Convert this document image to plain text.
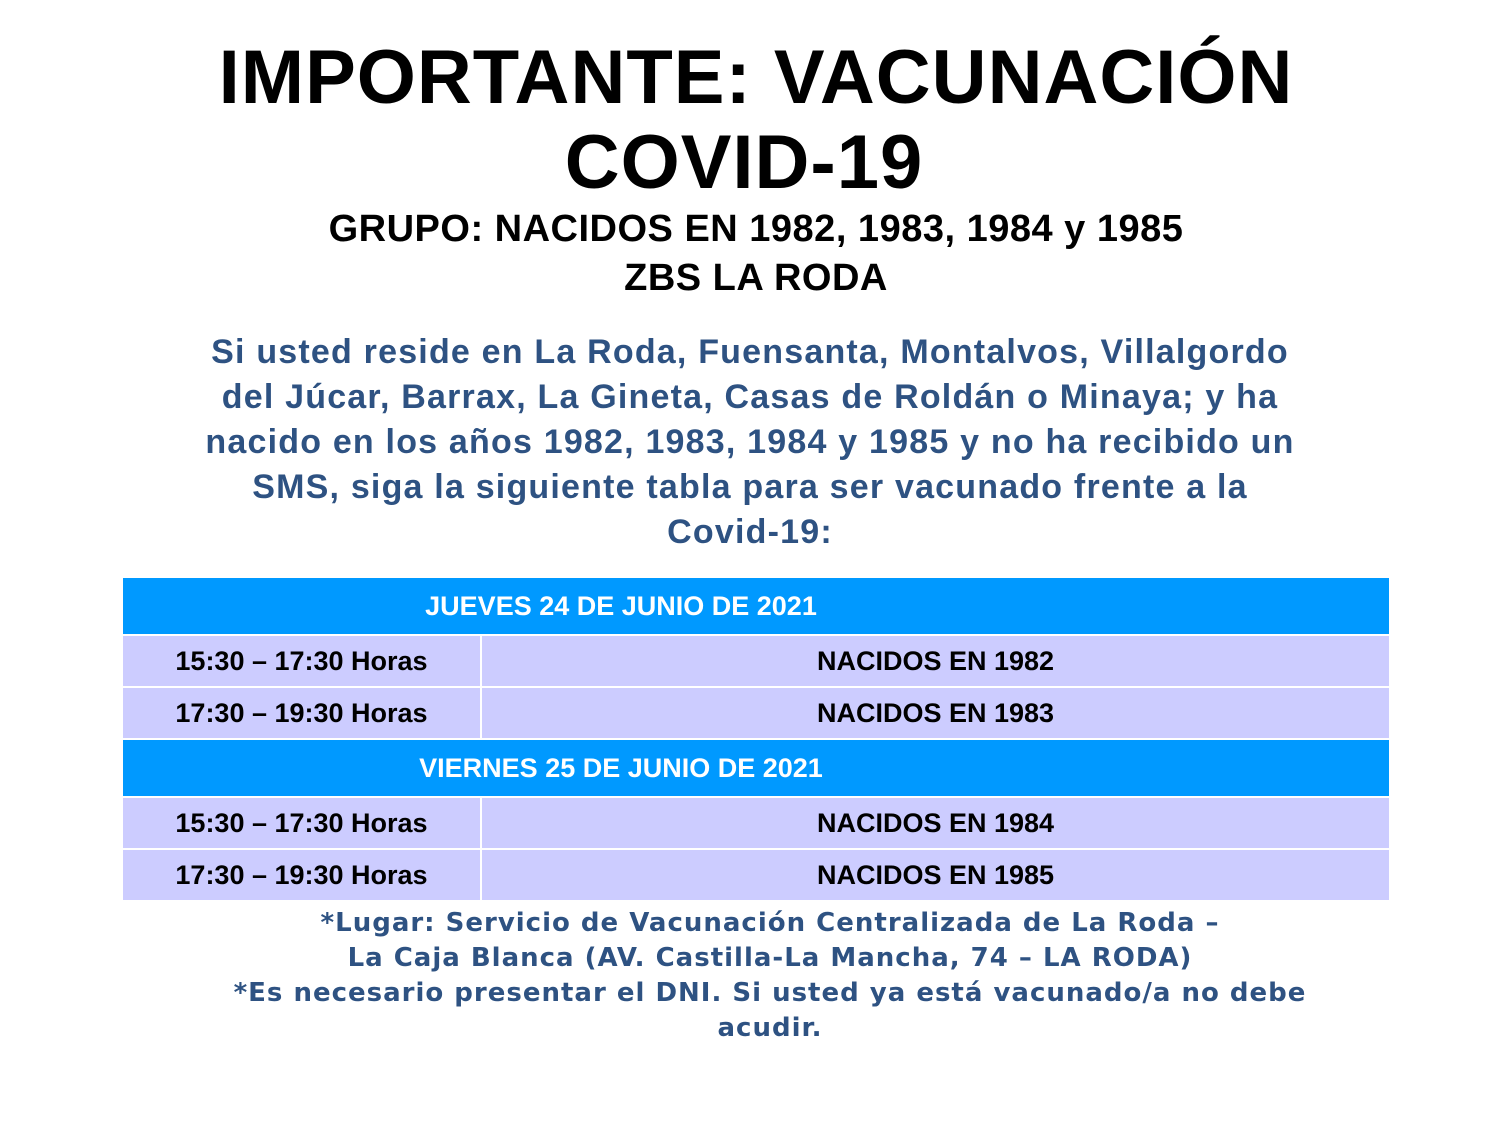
IMPORTANTE: VACUNACIÓN
COVID-19
GRUPO: NACIDOS EN 1982, 1983, 1984 y 1985
ZBS LA RODA
Si usted reside en La Roda, Fuensanta, Montalvos, Villalgordo
del Júcar, Barrax, La Gineta, Casas de Roldán o Minaya; y ha
nacido en los años 1982, 1983, 1984 y 1985 y no ha recibido un
SMS, siga la siguiente tabla para ser vacunado frente a la
Covid-19:
JUEVES 24 DE JUNIO DE 2021	
15:30 – 17:30 Horas	NACIDOS EN 1982
17:30 – 19:30 Horas	NACIDOS EN 1983
VIERNES 25 DE JUNIO DE 2021	
15:30 – 17:30 Horas	NACIDOS EN 1984
17:30 – 19:30 Horas	NACIDOS EN 1985
*Lugar: Servicio de Vacunación Centralizada de La Roda –
La Caja Blanca (AV. Castilla-La Mancha, 74 – LA RODA)
*Es necesario presentar el DNI. Si usted ya está vacunado/a no debe
acudir.
